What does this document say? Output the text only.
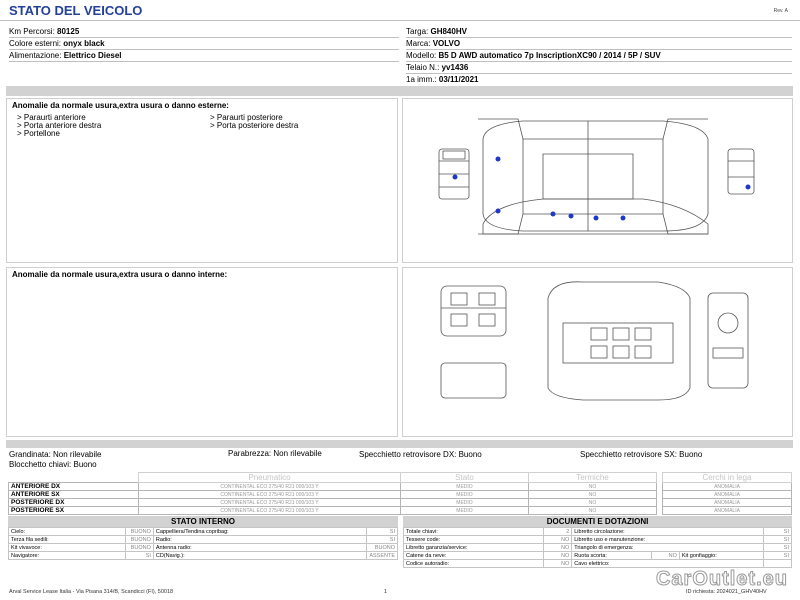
STATO DEL VEICOLO	Rev. A
Km Percorsi: 80125
Colore esterni: onyx black
Alimentazione: Elettrico Diesel
Targa: GH840HV
Marca: VOLVO
Modello: B5 D AWD automatico 7p InscriptionXC90 / 2014 / 5P / SUV
Telaio N.: yv1436
1a imm.: 03/11/2021
Anomalie da normale usura,extra usura o danno esterne:
> Paraurti anteriore
> Porta anteriore destra
> Portellone
> Paraurti posteriore
> Porta posteriore destra
Anomalie da normale usura,extra usura o danno interne:
Grandinata: Non rilevabile	Parabrezza: Non rilevabile	Specchietto retrovisore DX: Buono	Specchietto retrovisore SX: Buono
Blocchetto chiavi: Buono
	Pneumatico	Stato	Termiche		Cerchi in lega
ANTERIORE DX	CONTINENTAL ECO 275/40 R21 000/103 Y	MEDIO	NO		ANOMALIA
ANTERIORE SX	CONTINENTAL ECO 275/40 R21 000/103 Y	MEDIO	NO		ANOMALIA
POSTERIORE DX	CONTINENTAL ECO 275/40 R21 000/103 Y	MEDIO	NO		ANOMALIA
POSTERIORE SX	CONTINENTAL ECO 275/40 R21 000/103 Y	MEDIO	NO		ANOMALIA
STATO INTERNO
Cielo:	BUONO	Cappelliera/Tendina copribag:	SI
Terza fila sedili:	BUONO	Radio:	SI
Kit vivavoce:	BUONO	Antenna radio:	BUONO
Navigatore:	SI	CD(Navig.):	ASSENTE
DOCUMENTI E DOTAZIONI
Totale chiavi:	2	Libretto circolazione:			SI
Tessere code:	NO	Libretto uso e manutenzione:			SI
Libretto garanzia/service:	NO	Triangolo di emergenza:			SI
Catene da neve:	NO	Ruota scorta:	NO	Kit gonfiaggio:	SI
Codice autoradio:	NO	Cavo elettrico:			
Arval Service Lease Italia - Via Pisana 314/B, Scandicci (FI), 50018	1	ID richiesta: 2024021_GHV40HV
CarOutlet.eu
